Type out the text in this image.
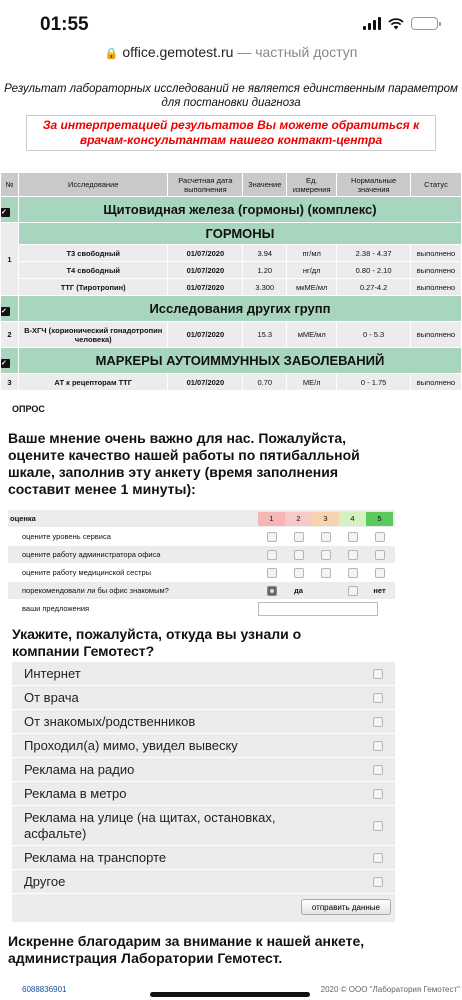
01:55
🔒 office.gemotest.ru — частный доступ
Результат лабораторных исследований не является единственным параметром для постановки диагноза
За интерпретацией результатов Вы можете обратиться к врачам-консультантам нашего контакт-центра
№	Исследование	Расчетная дата выполнения	Значение	Ед. измерения	Нормальные значения	Статус
✓	Щитовидная железа (гормоны) (комплекс)					
1	ГОРМОНЫ					
	Т3 свободный	01/07/2020	3.94	пг/мл	2.38 - 4.37	выполнено
	Т4 свободный	01/07/2020	1.20	нг/дл	0.80 - 2.10	выполнено
	ТТГ (Тиротропин)	01/07/2020	3.300	мкМЕ/мл	0.27-4.2	выполнено
✓	Исследования других групп					
2	В-ХГЧ (хорионический гонадотропин человека)	01/07/2020	15.3	мМЕ/мл	0 - 5.3	выполнено
✓	МАРКЕРЫ АУТОИММУННЫХ ЗАБОЛЕВАНИЙ					
3	АТ к рецепторам ТТГ	01/07/2020	0.70	МЕ/л	0 - 1.75	выполнено
ОПРОС
Ваше мнение очень важно для нас. Пожалуйста, оцените качество нашей работы по пятибалльной шкале, заполнив эту анкету (время заполнения составит менее 1 минуты):
оценка	1	2	3	4	5
оцените уровень сервиса
оцените работу администратора офиса
оцените работу медицинской сестры
порекомендовали ли бы офис знакомым?	да	нет
ваши предложения
Укажите, пожалуйста, откуда вы узнали о компании Гемотест?
Интернет
От врача
От знакомых/родственников
Проходил(а) мимо, увидел вывеску
Реклама на радио
Реклама в метро
Реклама на улице (на щитах, остановках, асфальте)
Реклама на транспорте
Другое
отправить данные
Искренне благодарим за внимание к нашей анкете, администрация Лаборатории Гемотест.
6088836901	2020 © ООО "Лаборатория Гемотест"
